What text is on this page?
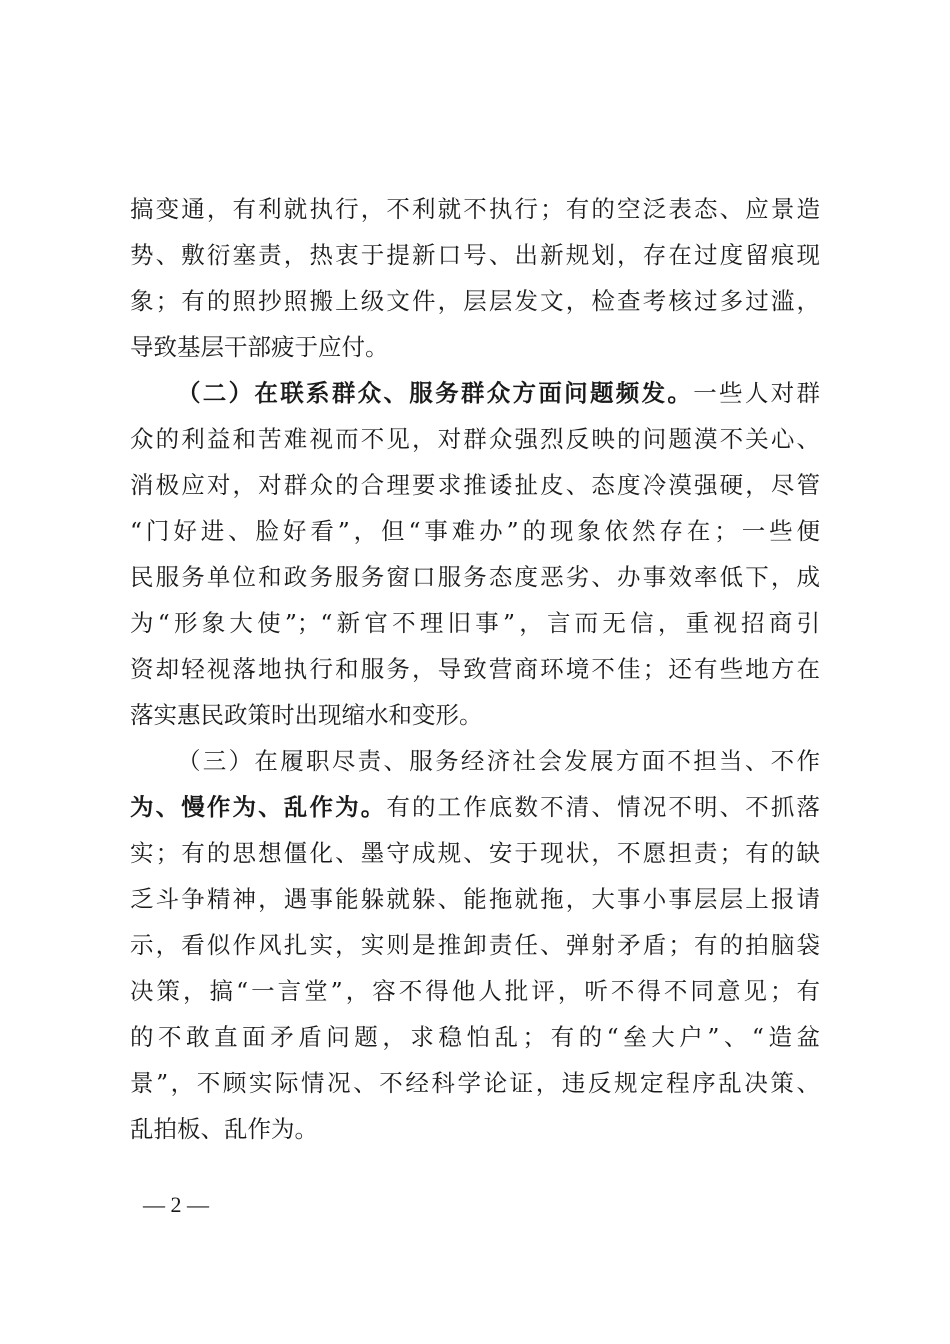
搞变通，有利就执行，不利就不执行；有的空泛表态、应景造
势、敷衍塞责，热衷于提新口号、出新规划，存在过度留痕现
象；有的照抄照搬上级文件，层层发文，检查考核过多过滥，
导致基层干部疲于应付。
（二）在联系群众、服务群众方面问题频发。一些人对群
众的利益和苦难视而不见，对群众强烈反映的问题漠不关心、
消极应对，对群众的合理要求推诿扯皮、态度冷漠强硬，尽管
“门好进、脸好看”，但“事难办”的现象依然存在；一些便
民服务单位和政务服务窗口服务态度恶劣、办事效率低下，成
为“形象大使”；“新官不理旧事”，言而无信，重视招商引
资却轻视落地执行和服务，导致营商环境不佳；还有些地方在
落实惠民政策时出现缩水和变形。
（三）在履职尽责、服务经济社会发展方面不担当、不作
为、慢作为、乱作为。有的工作底数不清、情况不明、不抓落
实；有的思想僵化、墨守成规、安于现状，不愿担责；有的缺
乏斗争精神，遇事能躲就躲、能拖就拖，大事小事层层上报请
示，看似作风扎实，实则是推卸责任、弹射矛盾；有的拍脑袋
决策，搞“一言堂”，容不得他人批评，听不得不同意见；有
的不敢直面矛盾问题，求稳怕乱；有的“垒大户”、“造盆
景”，不顾实际情况、不经科学论证，违反规定程序乱决策、
乱拍板、乱作为。
— 2 —
